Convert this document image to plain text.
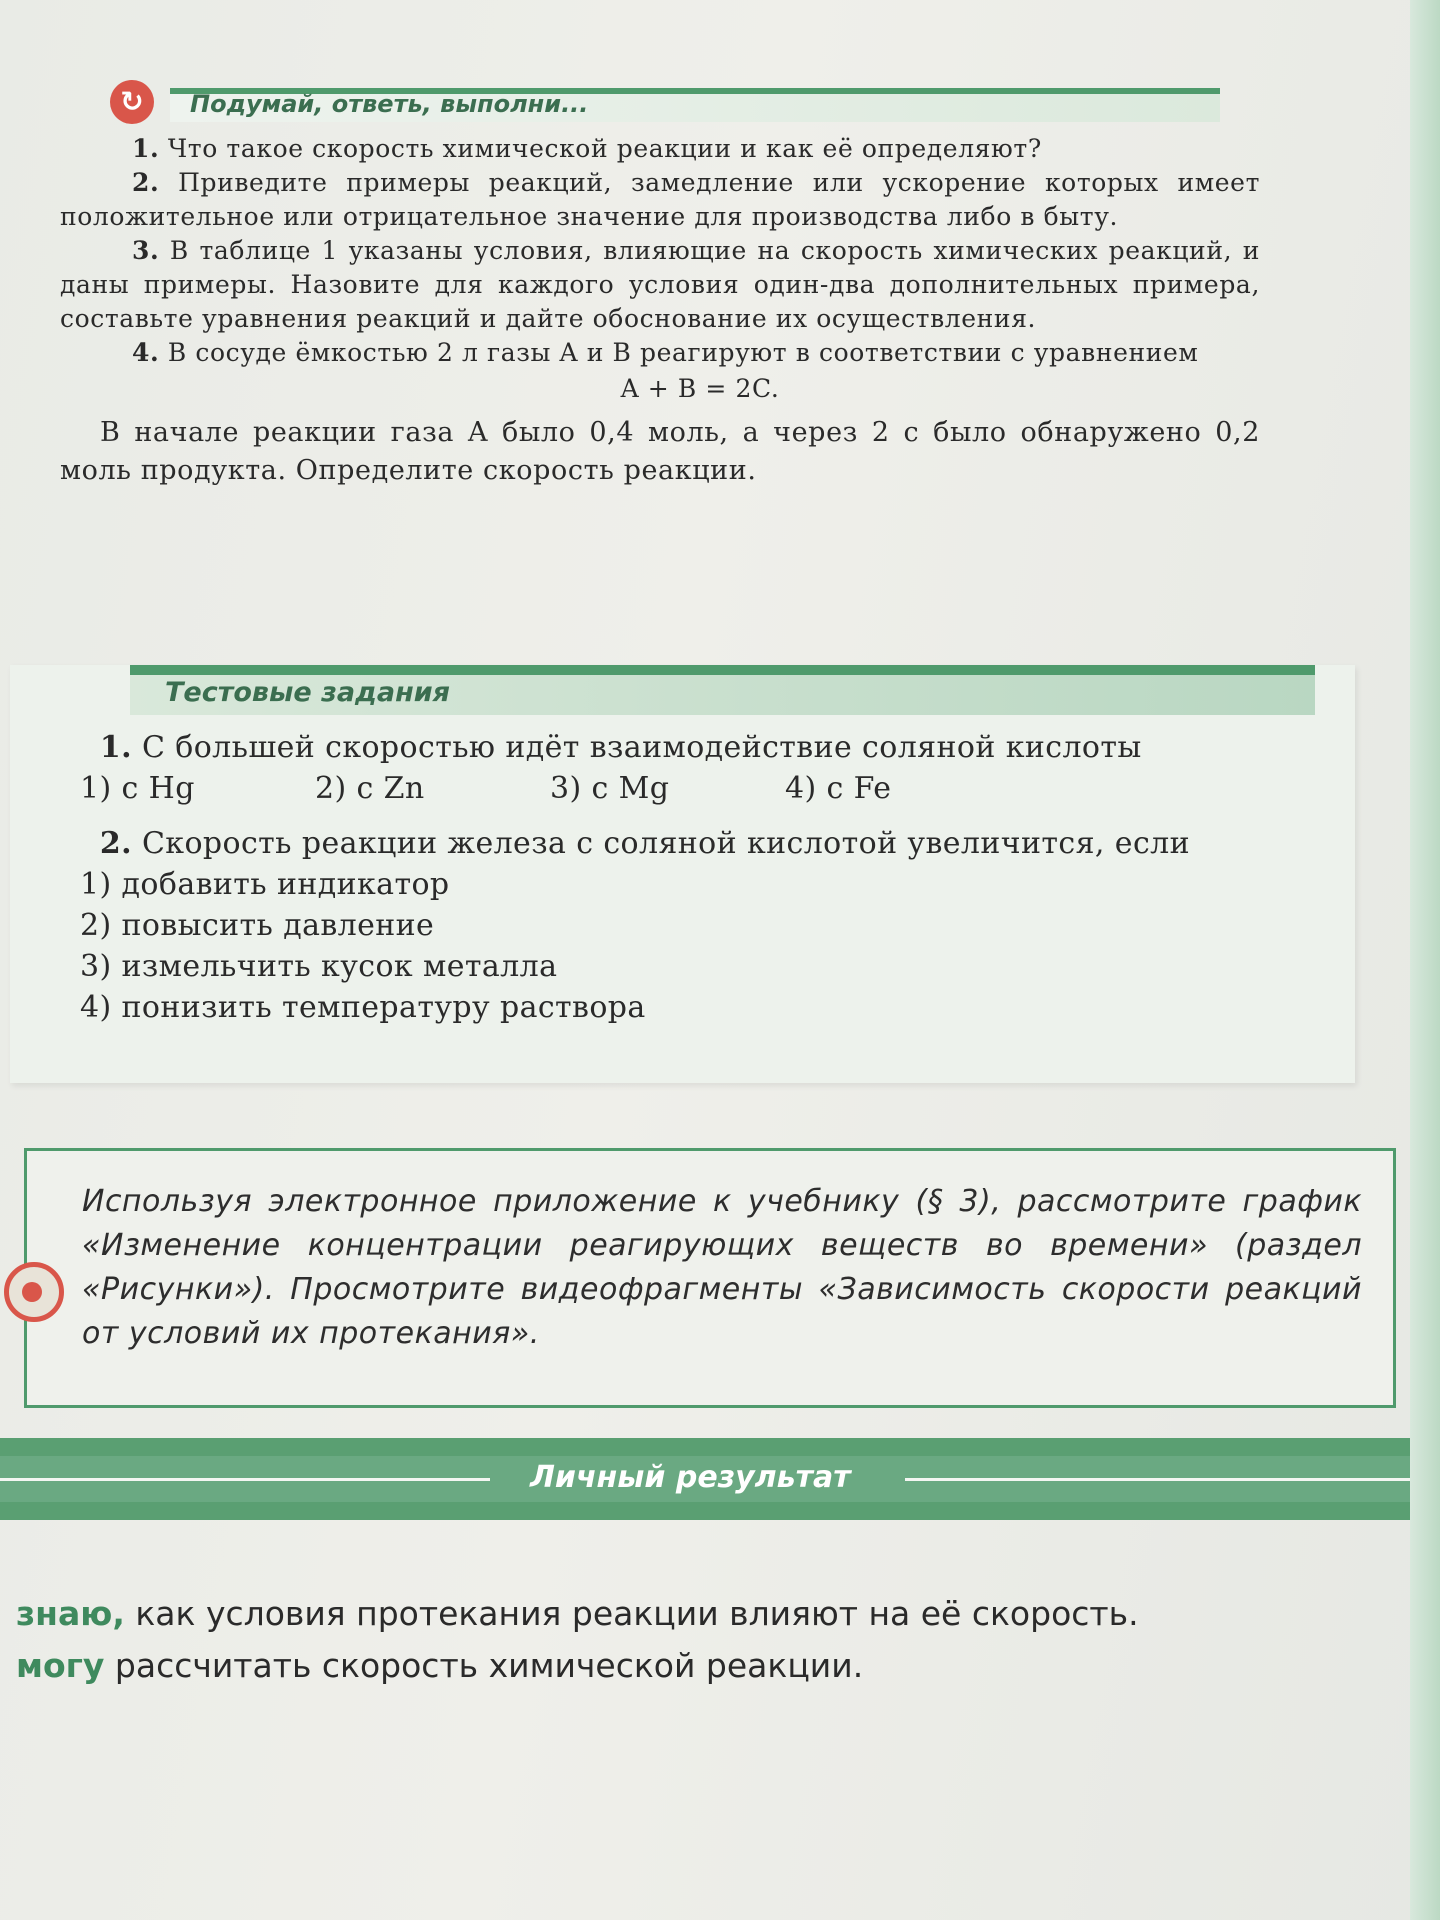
↻	Подумай, ответь, выполни...

1. Что такое скорость химической реакции и как её определяют?

2. Приведите примеры реакций, замедление или ускорение которых имеет положительное или отрицательное значение для производства либо в быту.

3. В таблице 1 указаны условия, влияющие на скорость химических реакций, и даны примеры. Назовите для каждого условия один-два дополнительных примера, составьте уравнения реакций и дайте обоснование их осуществления.

4. В сосуде ёмкостью 2 л газы A и B реагируют в соответствии с уравнением

A + B = 2C.

В начале реакции газа A было 0,4 моль, а через 2 с было обнаружено 0,2 моль продукта. Определите скорость реакции.

Тестовые задания
1. С большей скоростью идёт взаимодействие соляной кислоты
1) с Hg	2) с Zn	3) с Mg	4) с Fe
2. Скорость реакции железа с соляной кислотой увеличится, если
1) добавить индикатор
2) повысить давление
3) измельчить кусок металла
4) понизить температуру раствора
Используя электронное приложение к учебнику (§ 3), рассмотрите график «Изменение концентрации реагирующих веществ во времени» (раздел «Рисунки»). Просмотрите видеофрагменты «Зависимость скорости реакций от условий их протекания».
Личный результат
знаю, как условия протекания реакции влияют на её скорость.
могу рассчитать скорость химической реакции.
